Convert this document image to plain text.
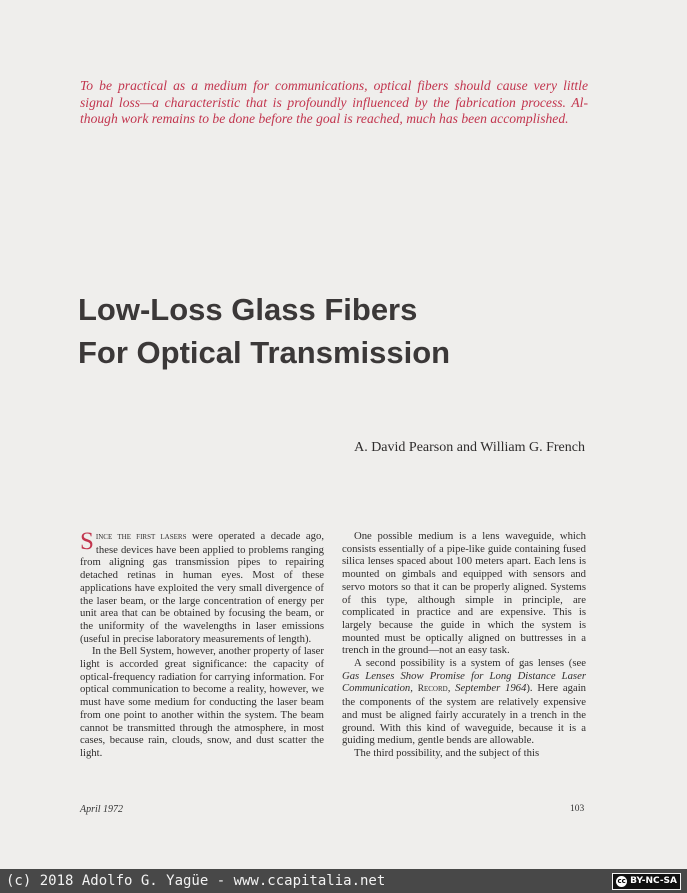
To be practical as a medium for communications, optical fibers should cause very little
signal loss—a characteristic that is profoundly influenced by the fabrication process. Al-
though work remains to be done before the goal is reached, much has been accomplished.

Low-Loss Glass Fibers
For Optical Transmission

A. David Pearson and William G. French

Since the first lasers were operated a decade ago, these devices have been applied to problems ranging from aligning gas transmission pipes to repairing detached retinas in human eyes. Most of these applications have exploited the very small divergence of the laser beam, or the large concentration of energy per unit area that can be obtained by focusing the beam, or the uniformity of the wavelengths in laser emissions (useful in precise laboratory measurements of length).

In the Bell System, however, another property of laser light is accorded great significance: the capacity of optical-frequency radiation for carrying information. For optical communication to become a reality, however, we must have some medium for conducting the laser beam from one point to another within the system. The beam cannot be transmitted through the atmosphere, in most cases, because rain, clouds, snow, and dust scatter the light.

One possible medium is a lens waveguide, which consists essentially of a pipe-like guide containing fused silica lenses spaced about 100 meters apart. Each lens is mounted on gimbals and equipped with sensors and servo motors so that it can be properly aligned. Systems of this type, although simple in principle, are complicated in practice and are expensive. This is largely because the guide in which the system is mounted must be optically aligned on buttresses in a trench in the ground—not an easy task.

A second possibility is a system of gas lenses (see Gas Lenses Show Promise for Long Distance Laser Communication, Record, September 1964). Here again the components of the system are relatively expensive and must be aligned fairly accurately in a trench in the ground. With this kind of waveguide, because it is a guiding medium, gentle bends are allowable.

The third possibility, and the subject of this

April 1972	103

(c) 2018 Adolfo G. Yagüe - www.ccapitalia.net	cc BY-NC-SA
